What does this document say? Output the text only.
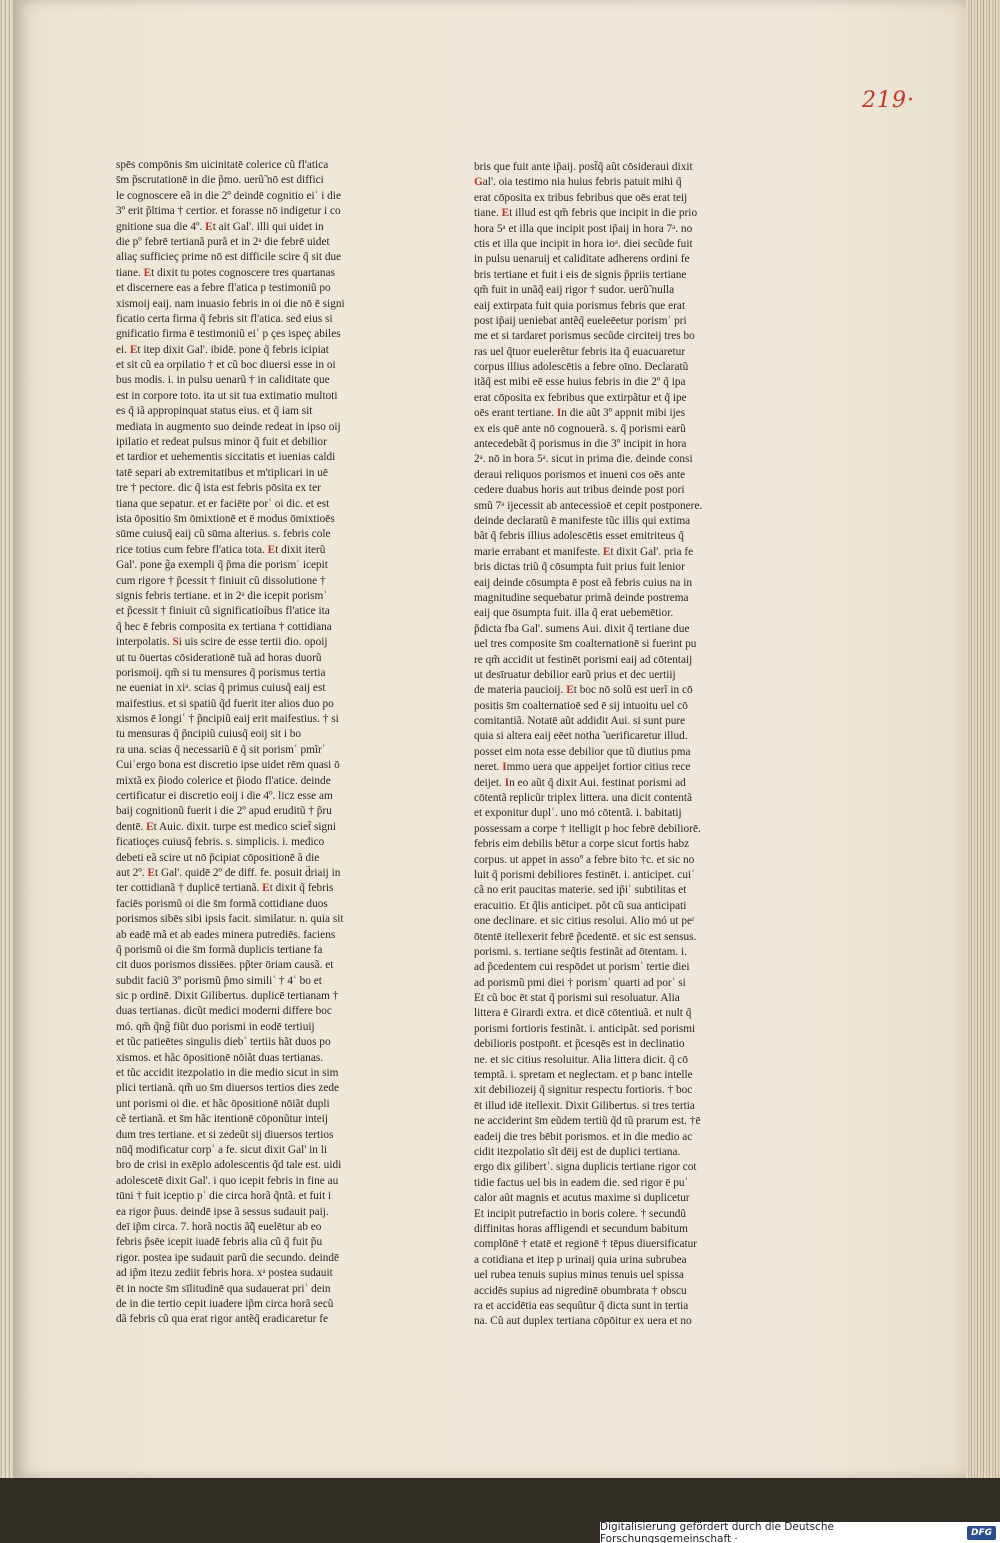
219·
spēs compōnis s̄m uicinitatē colerice cũ fl'atica
s̄m p̃scrutationē in die p̃mo. uerũ̃ nō est diffici
le cognoscere eã in die 2º deindē cognitio eiʿ i die
3º erit p̃ltima † certior. et forasse nō indigetur i co
gnitione sua die 4º. Et ait Gal'. illi qui uidet in
die pº febrē tertianã purã et in 2ᵃ die febrē uidet
aliaç sufficieç prime nō est difficile scire q̃ sit due
tiane. Et dixit tu potes cognoscere tres quartanas
et discernere eas a febre fl'atica p testimoniũ po
xismoĳ eaĳ. nam inuasio febris in oi die nō ē signi
ficatio certa firma q̃ febris sit fl'atica. sed eius si
gnificatio firma ē testimoniũ eiʿ p çes ispeç abiles
ei. Et itep dixit Gal'. ibidē. pone q̃ febris icipiat
et sit cũ ea orpilatio † et cũ boc diuersi esse in oi
bus modis. i. in pulsu uenarũ † in caliditate que
est in corpore toto. ita ut sit tua extimatio multoti
es q̃ iã appropinquat status eius. et q̃ iam sit
mediata in augmento suo deinde redeat in ipso oĳ
ipilatio et redeat pulsus minor q̃ fuit et debilior
et tardior et uehementis siccitatis et iuenias caldi
tatē separi ab extremitatibus et m'tiplicari in uē
tre † pectore. dic q̃ ista est febris pōsita ex ter
tiana que sepatur. et er faciēte porʿ oi dic. et est
ista ōpositio s̄m ōmixtionē et ē modus ōmixtioēs
sūme cuiusq̃ eaĳ cũ sūma alterius. s. febris cole
rice totius cum febre fl'atica tota. Et dixit iterũ
Gal'. pone g̃a exempli q̃ p̃ma die porismʿ icepit
cum rigore † p̃cessit † finiuit cũ dissolutione †
signis febris tertiane. et in 2ᵃ die icepit porismʿ
et p̃cessit † finiuit cũ significatioíbus fl'atice ita
q̃ hec ē febris composita ex tertiana † cottidiana
interpolatis. Si uis scire de esse tertii dio. opoĳ
ut tu ōuertas cōsiderationē tuã ad horas duorũ
porismoĳ. qm̃ si tu mensures q̃ porismus tertia
ne eueniat in xiᵃ. scias q̃ primus cuiusq̃ eaĳ est
maifestius. et si spatiũ q̃d fuerit iter alios duo po
xismos ē longiʿ † p̃ncipiũ eaĳ erit maifestius. † si
tu mensuras q̃ p̃ncipiũ cuiusq̃ eoĳ sit i bo
ra una. scias q̃ necessariũ ē q̃ sit porismʿ pmĩrʿ
Cuiʿergo bona est discretio ipse uidet rēm quasi ō
mixtã ex p̃iodo colerice et p̃iodo fl'atice. deinde
certificatur ei discretio eoĳ i die 4º. licz esse am
baĳ cognitionũ fuerit i die 2º apud eruditũ † p̃ru
dentē. Et Auic. dixit. turpe est medico sciet̃ signi
ficatioçes cuiusq̃ febris. s. simplicis. i. medico
debeti eã scire ut nō p̃cipiat cōpositionē ã die
aut 2º. Et Gal'. quidē 2º de diff. fe. posuit d̃riaĳ in
ter cottidianã † duplicē tertianã. Et dixit q̃ febris
faciēs porismũ oi die s̄m formã cottidiane duos
porismos sibēs sibi ipsis facit. similatur. n. quia sit
ab eadē mã et ab eades minera putrediēs. faciens
q̃ porismũ oi die s̄m formã duplicis tertiane fa
cit duos porismos dissiēes. pp̃ter ōriam causã. et
subdit faciũ 3º porismũ p̃mo similiʿ † 4ʿ bo et
sic p ordinē. Dixit Gilibertus. duplicē tertianam †
duas tertianas. dicũt medici moderni differe boc
mó. qm̃ q̃ng̃ fiũt duo porismi in eodē tertiuĳ
et tũc patieētes singulis diebʿ tertiis hãt duos po
xismos. et hãc ōpositionē nōiãt duas tertianas.
et tũc accidit itezpolatio in die medio sicut in sim
plici tertianã. qm̃ uo s̄m diuersos tertios dies zede
unt porismi oi die. et hãc ōpositionē nōiãt dupli
cẽ tertianã. et s̄m hãc itentionē cōponũtur inteĳ
dum tres tertiane. et si zedeũt sĳ diuersos tertios
nūq̃ modificatur corpʿ a fe. sicut dixit Gal' in li
bro de crisi in exēplo adolescentis q̃d tale est. uidi
adolescetē dixit Gal'. i quo icepit febris in fine au
tūni † fuit iceptio pʿ die circa horã q̃ntã. et fuit i
ea rigor p̃uus. deindē ipse ã sessus sudauit paĳ.
deī ip̃m circa. 7. horã noctis ã̃q̃ euelētur ab eo
febris p̃sēe icepit iuadē febris alia cũ q̃ fuit p̃u
rigor. postea ipe sudauit parũ die secundo. deindē
ad ip̃m itezu zediit febris hora. xᵃ postea sudauit
ēt in nocte s̄m sīlitudinē qua sudauerat priʿ dein
de in die tertio cepit iuadere ip̃m circa horã secũ
dã febris cũ qua erat rigor antẽq̃ eradicaretur fe
bris que fuit ante ip̃aĳ. post̃q̃ aũt cōsideraui dixit
Gal'. oia testimo nia huius febris patuit mihi q̃
erat cōposita ex tribus febribus que oēs erat teĳ
tiane. Et illud est qm̃ febris que incipit in die prio
hora 5ᵃ et illa que incipit post ip̃aĳ in hora 7ᵃ. no
ctis et illa que incipit in hora ioᵃ. diei secũde fuit
in pulsu uenaruĳ et caliditate adherens ordini fe
bris tertiane et fuit i eis de signis p̃priis tertiane
qm̃ fuit in unãq̃ eaĳ rigor † sudor. uerũ̃ nulla
eaĳ extirpata fuit quia porismus febris que erat
post ip̃aĳ ueniebat antẽq̃ eueleēetur porismʿ pri
me et si tardaret porismus secũde circiteĳ tres bo
ras uel q̃tuor euelerẽtur febris ita q̃ euacuaretur
corpus illius adolescētis a febre oīno. Declaratũ
itãq̃ est mibi eē esse huius febris in die 2º q̃ ipa
erat cōposita ex febribus que extirpãtur et q̃ ipe
oēs erant tertiane. In die aũt 3º appnit mibi ĳes
ex eis quē ante nō cognouerã. s. q̃ porismi earũ
antecedebãt q̃ porismus in die 3º incipit in hora
2ᵃ. nō in bora 5ᵃ. sicut in prima die. deinde consi
deraui reliquos porismos et inueni cos oēs ante
cedere duabus horis aut tribus deinde post pori
smũ 7ᵃ ĳecessit ab antecessioē et cepit postponere.
deinde declaratũ ē manifeste tũc illis qui extima
bãt q̃ febris illius adolescētis esset emitriteus q̃
marie errabant et manifeste. Et dixit Gal'. pria fe
bris dictas triũ q̃ cōsumpta fuit prius fuit lenior
eaĳ deinde cōsumpta ē post eã febris cuius na in
magnitudine sequebatur primã deinde postrema
eaĳ que ōsumpta fuit. illa q̃ erat uebemētior.
p̃dicta fba Gal'. sumens Aui. dixit q̃ tertiane due
uel tres composite s̄m coalternationē si fuerint pu
re qm̃ accidit ut festinēt porismi eaĳ ad cōtentaĳ
ut desīruatur debilior earũ prius et dec uertiĳ
de materia paucioĳ. Et boc nō solũ est uerĩ in cō
positis s̄m coalternatioē sed ē sĳ intuoitu uel cō
comitantiã. Notatē aũt addidit Aui. si sunt pure
quia si altera eaĳ eēet notha ̃ uerificaretur illud.
posset eim nota esse debilior que tũ diutius pma
neret. Immo uera que appeĳet fortior citius rece
deĳet. In eo aũt q̃ dixit Aui. festinat porismi ad
cōtentã replicũr triplex littera. una dicit contentã
et exponitur duplʿ. uno mó cōtentã. i. babitatĳ
possessam a corpe † itelligit p hoc febrē debiliorē.
febris eim debilis bētur a corpe sicut fortis habz
corpus. ut appet in assoº a febre bito †c. et sic no
luit q̃ porismi debiliores festinēt. i. anticipet. cuiʿ
cã no erit paucitas materie. sed ip̃iʿ subtilitas et
eracuitio. Et q̃lis anticipet. põt cũ sua anticipati
one declinare. et sic citius resolui. Alio mó ut peʳ
ōtentē itellexerit febrē p̃cedentē. et sic est sensus.
porismi. s. tertiane seq̃tis festinãt ad ōtentam. i.
ad p̃cedentem cui respōdet ut porismʿ tertie diei
ad porismũ pmi diei † porismʿ quarti ad porʿ si
Et cũ boc ēt stat q̃ porismi sui resoluatur. Alia
littera ē Girardi extra. et dicē cōtentiuã. et nult q̃
porismi fortioris festinãt. i. anticipãt. sed porismi
debilioris postpon̄t. et p̃cesqēs est in declinatio
ne. et sic citius resoluitur. Alia littera dicit. q̃ cō
temptã. i. spretam et neglectam. et p banc intelle
xit debiliozeĳ q̃ signitur respectu fortioris. † boc
ēt illud idē itellexit. Dixit Gilibertus. si tres tertia
ne acciderint s̄m eũdem tertiũ q̃d tũ prarum est. †ē
eadeĳ die tres bēbit porismos. et in die medio ac
cidit itezpolatio sĩt dēĳ est de duplici tertiana.
ergo dix gilibertʿ. signa duplicis tertiane rigor cot
tidie factus uel bis in eadem die. sed rigor ē puʿ
calor aũt magnis et acutus maxime si duplicetur
Et incipit putrefactio in boris colere. † secundũ
diffinitas horas affligendi et secundum babitum
complōnē † etatē et regionē † tēpus diuersificatur
a cotidiana et itep p urinaĳ quia urina subrubea
uel rubea tenuis supius minus tenuis uel spissa
accidēs supius ad nigredinē obumbrata † obscu
ra et accidētia eas sequũtur q̃ dicta sunt in tertia
na. Cũ aut duplex tertiana cōpōitur ex uera et no
Digitalisierung gefördert durch die Deutsche Forschungsgemeinschaft ·	DFG
